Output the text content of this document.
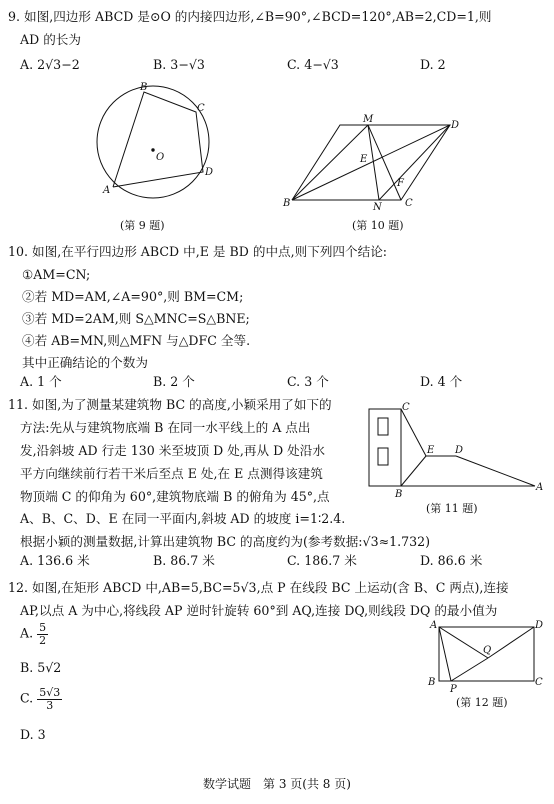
9. 如图,四边形 ABCD 是⊙O 的内接四边形,∠B=90°,∠BCD=120°,AB=2,CD=1,则
AD 的长为
A. 2√3−2	B. 3−√3	C. 4−√3	D. 2
B
C
D
A
O
(第 9 题)
M
D
E
F
B	N C
(第 10 题)
10. 如图,在平行四边形 ABCD 中,E 是 BD 的中点,则下列四个结论:
①AM=CN;
②若 MD=AM,∠A=90°,则 BM=CM;
③若 MD=2AM,则 S△MNC=S△BNE;
④若 AB=MN,则△MFN 与△DFC 全等.
其中正确结论的个数为
A. 1 个	B. 2 个	C. 3 个	D. 4 个
11. 如图,为了测量某建筑物 BC 的高度,小颖采用了如下的
方法:先从与建筑物底端 B 在同一水平线上的 A 点出
发,沿斜坡 AD 行走 130 米至坡顶 D 处,再从 D 处沿水
平方向继续前行若干米后至点 E 处,在 E 点测得该建筑
物顶端 C 的仰角为 60°,建筑物底端 B 的俯角为 45°,点
A、B、C、D、E 在同一平面内,斜坡 AD 的坡度 i=1∶2.4.
根据小颖的测量数据,计算出建筑物 BC 的高度约为(参考数据:√3≈1.732)
A. 136.6 米	B. 86.7 米	C. 186.7 米	D. 86.6 米
C
E D
B
A
(第 11 题)
12. 如图,在矩形 ABCD 中,AB=5,BC=5√3,点 P 在线段 BC 上运动(含 B、C 两点),连接
AP,以点 A 为中心,将线段 AP 逆时针旋转 60°到 AQ,连接 DQ,则线段 DQ 的最小值为
A. $\frac{5}{2}$
B. 5√2
C. $\frac{5√3}{3}$
D. 3
A	D
Q
B
P
C
(第 12 题)
数学试题　第 3 页(共 8 页)
